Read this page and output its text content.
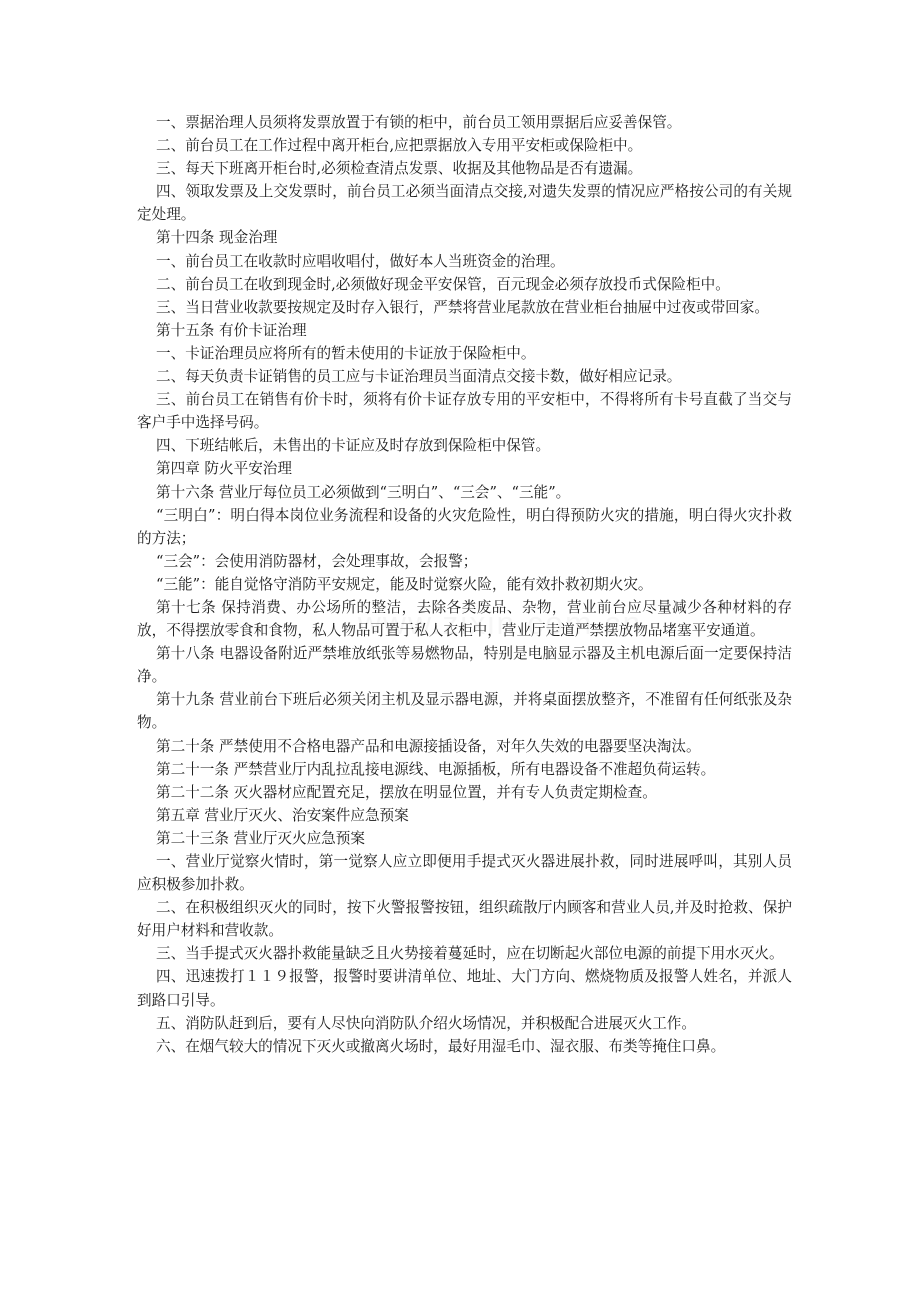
一、票据治理人员须将发票放置于有锁的柜中，前台员工领用票据后应妥善保管。

二、前台员工在工作过程中离开柜台,应把票据放入专用平安柜或保险柜中。

三、每天下班离开柜台时,必须检查清点发票、收据及其他物品是否有遗漏。

四、领取发票及上交发票时，前台员工必须当面清点交接,对遗失发票的情况应严格按公司的有关规定处理。

第十四条 现金治理

一、前台员工在收款时应唱收唱付，做好本人当班资金的治理。

二、前台员工在收到现金时,必须做好现金平安保管，百元现金必须存放投币式保险柜中。

三、当日营业收款要按规定及时存入银行，严禁将营业尾款放在营业柜台抽屉中过夜或带回家。

第十五条 有价卡证治理

一、卡证治理员应将所有的暂未使用的卡证放于保险柜中。

二、每天负责卡证销售的员工应与卡证治理员当面清点交接卡数，做好相应记录。

三、前台员工在销售有价卡时，须将有价卡证存放专用的平安柜中，不得将所有卡号直截了当交与客户手中选择号码。

四、下班结帐后，未售出的卡证应及时存放到保险柜中保管。

第四章 防火平安治理

第十六条 营业厅每位员工必须做到“三明白”、“三会”、“三能”。

“三明白”：明白得本岗位业务流程和设备的火灾危险性，明白得预防火灾的措施，明白得火灾扑救的方法；

“三会”：会使用消防器材，会处理事故，会报警；

“三能”：能自觉恪守消防平安规定，能及时觉察火险，能有效扑救初期火灾。

第十七条 保持消费、办公场所的整洁，去除各类废品、杂物，营业前台应尽量减少各种材料的存放，不得摆放零食和食物，私人物品可置于私人衣柜中，营业厅走道严禁摆放物品堵塞平安通道。

第十八条 电器设备附近严禁堆放纸张等易燃物品，特别是电脑显示器及主机电源后面一定要保持洁净。

第十九条 营业前台下班后必须关闭主机及显示器电源，并将桌面摆放整齐，不准留有任何纸张及杂物。

第二十条 严禁使用不合格电器产品和电源接插设备，对年久失效的电器要坚决淘汰。

第二十一条 严禁营业厅内乱拉乱接电源线、电源插板，所有电器设备不准超负荷运转。

第二十二条 灭火器材应配置充足，摆放在明显位置，并有专人负责定期检查。

第五章 营业厅灭火、治安案件应急预案

第二十三条 营业厅灭火应急预案

一、营业厅觉察火情时，第一觉察人应立即便用手提式灭火器进展扑救，同时进展呼叫，其别人员应积极参加扑救。

二、在积极组织灭火的同时，按下火警报警按钮，组织疏散厅内顾客和营业人员,并及时抢救、保护好用户材料和营收款。

三、当手提式灭火器扑救能量缺乏且火势接着蔓延时，应在切断起火部位电源的前提下用水灭火。

四、迅速拨打１１９报警，报警时要讲清单位、地址、大门方向、燃烧物质及报警人姓名，并派人到路口引导。

五、消防队赶到后，要有人尽快向消防队介绍火场情况，并积极配合进展灭火工作。

六、在烟气较大的情况下灭火或撤离火场时，最好用湿毛巾、湿衣服、布类等掩住口鼻。
